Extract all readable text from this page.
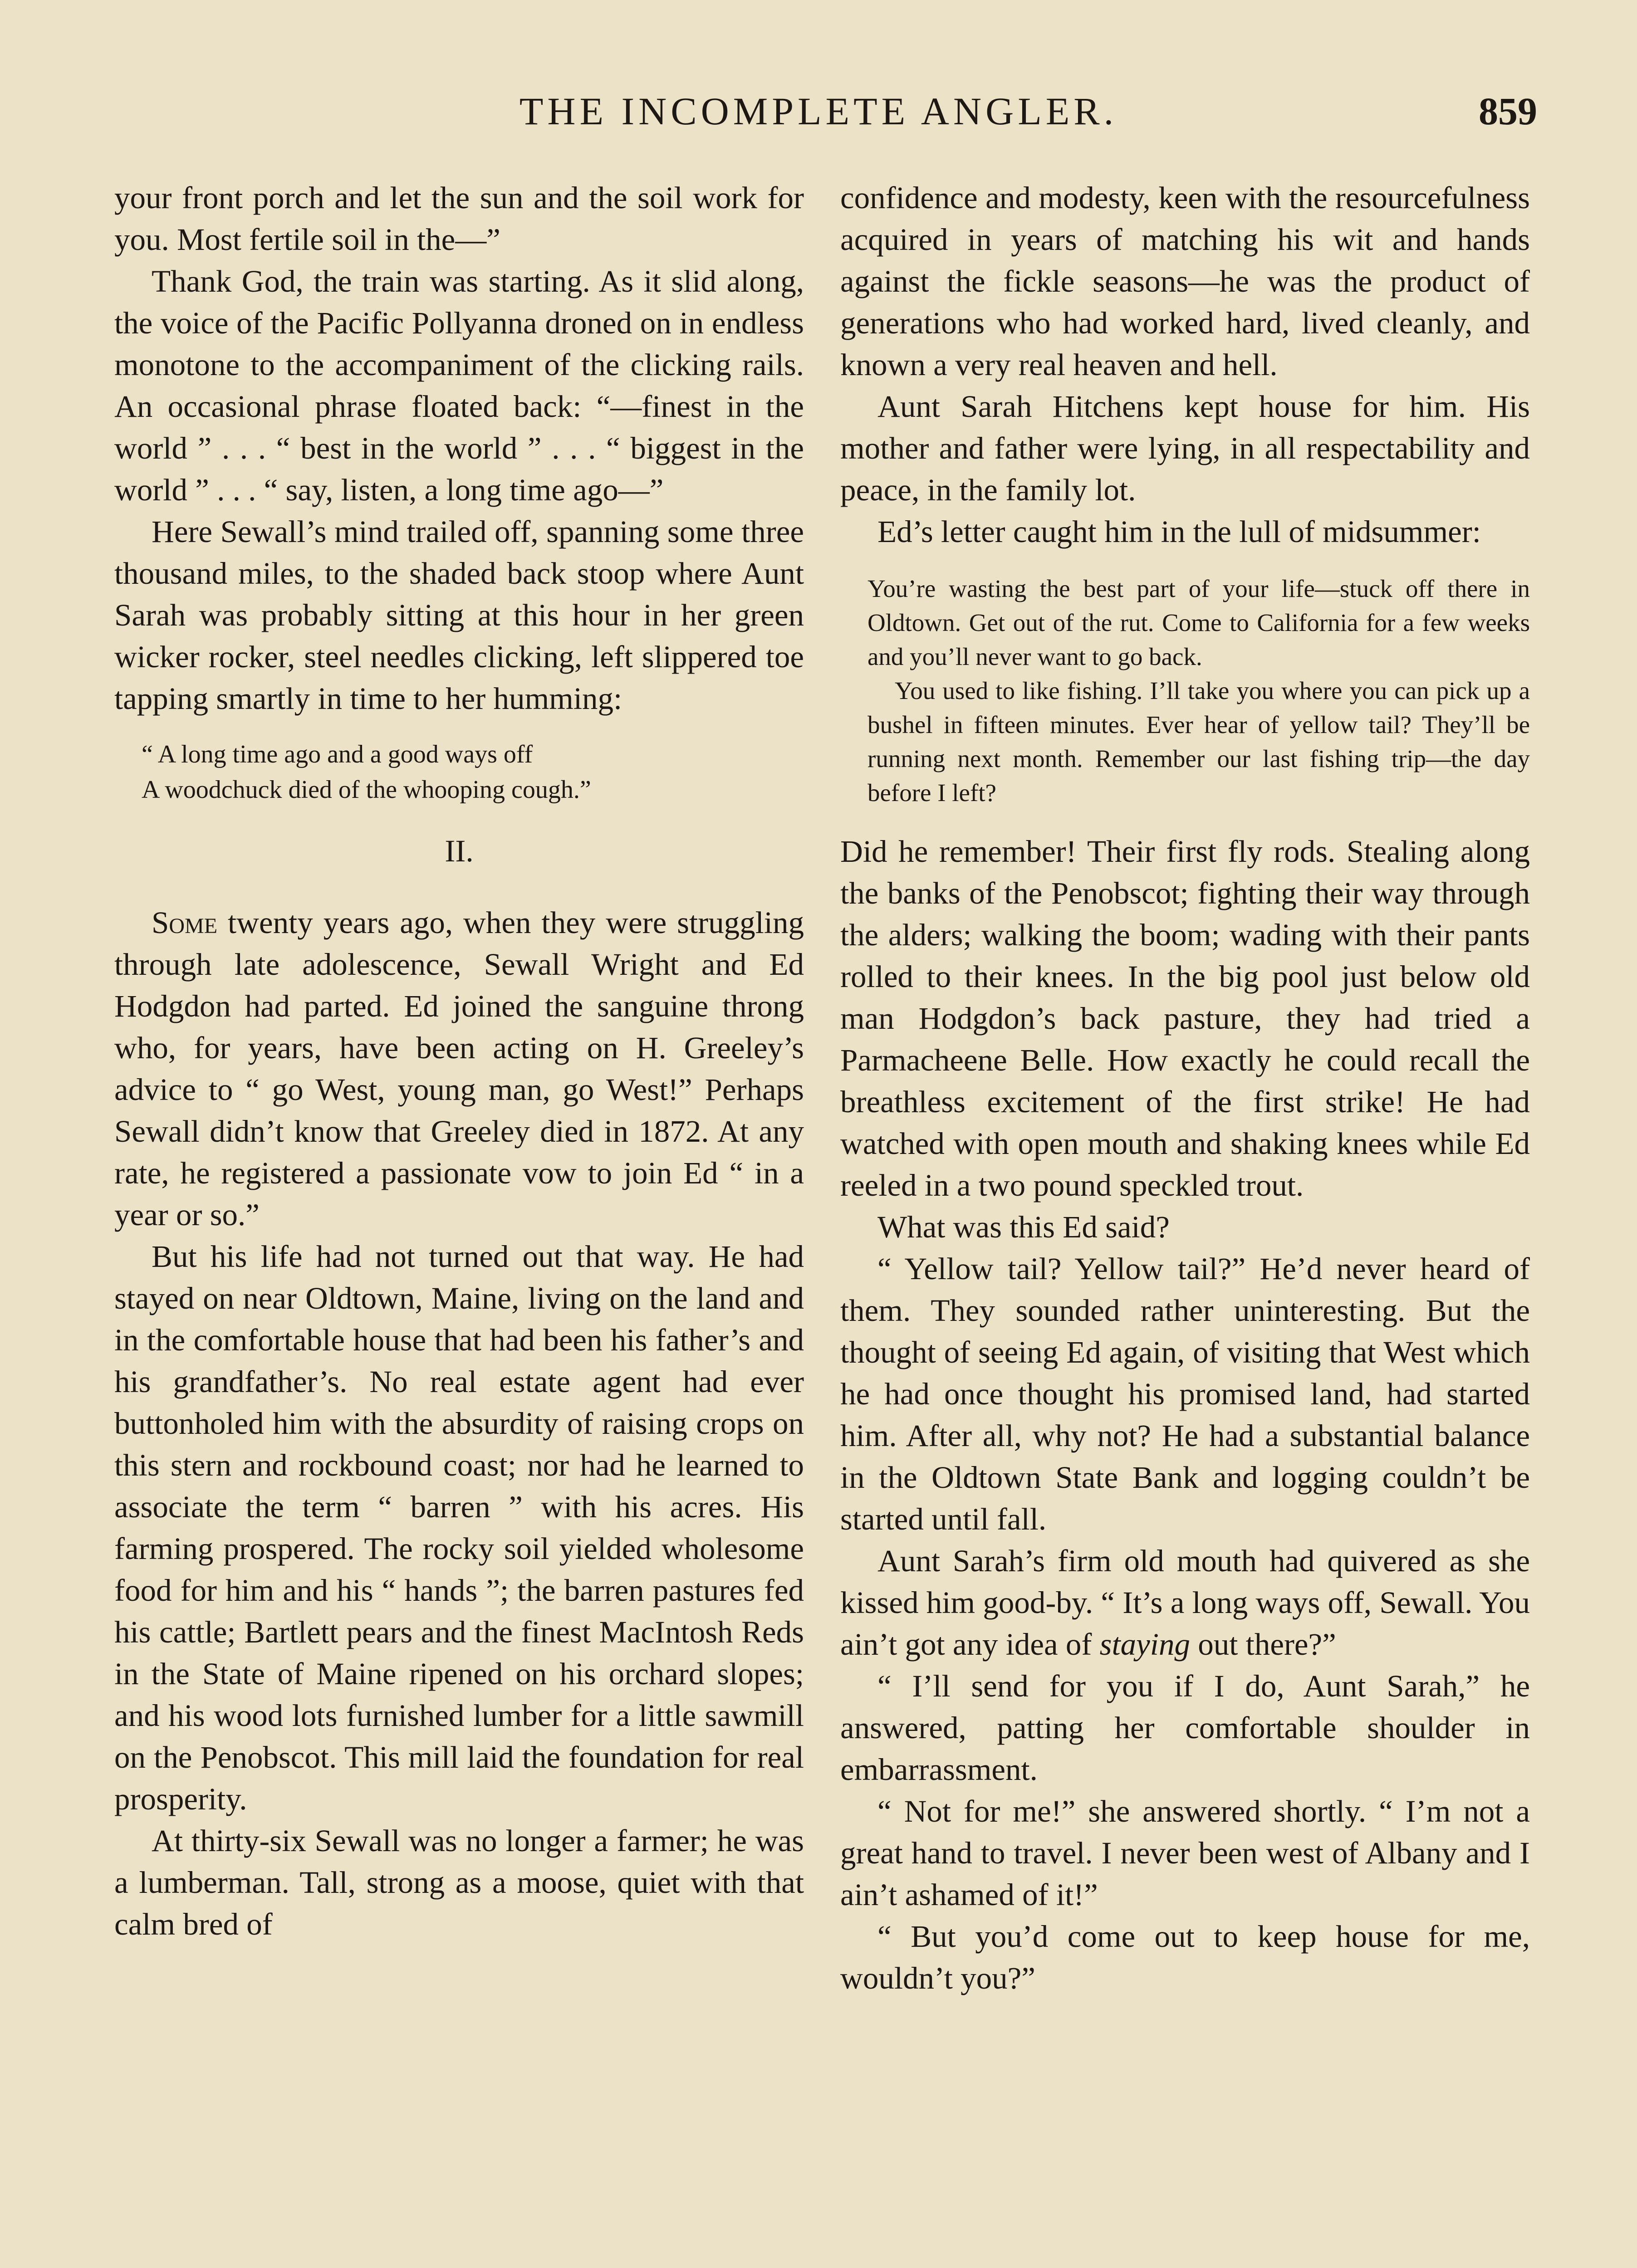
THE INCOMPLETE ANGLER.	859

your front porch and let the sun and the soil work for you. Most fertile soil in the—”

Thank God, the train was starting. As it slid along, the voice of the Pacific Pollyanna droned on in endless monotone to the accompaniment of the clicking rails. An occasional phrase floated back: “—finest in the world ” . . . “ best in the world ” . . . “ biggest in the world ” . . . “ say, listen, a long time ago—”

Here Sewall’s mind trailed off, spanning some three thousand miles, to the shaded back stoop where Aunt Sarah was probably sitting at this hour in her green wicker rocker, steel needles clicking, left slippered toe tapping smartly in time to her humming:

“ A long time ago and a good ways off
A woodchuck died of the whooping cough.”
II.

Some twenty years ago, when they were struggling through late adolescence, Sewall Wright and Ed Hodgdon had parted. Ed joined the sanguine throng who, for years, have been acting on H. Greeley’s advice to “ go West, young man, go West!” Perhaps Sewall didn’t know that Greeley died in 1872. At any rate, he registered a passionate vow to join Ed “ in a year or so.”

But his life had not turned out that way. He had stayed on near Oldtown, Maine, living on the land and in the comfortable house that had been his father’s and his grandfather’s. No real estate agent had ever buttonholed him with the absurdity of raising crops on this stern and rockbound coast; nor had he learned to associate the term “ barren ” with his acres. His farming prospered. The rocky soil yielded wholesome food for him and his “ hands ”; the barren pastures fed his cattle; Bartlett pears and the finest MacIntosh Reds in the State of Maine ripened on his orchard slopes; and his wood lots furnished lumber for a little sawmill on the Penobscot. This mill laid the foundation for real prosperity.

At thirty-six Sewall was no longer a farmer; he was a lumberman. Tall, strong as a moose, quiet with that calm bred of

confidence and modesty, keen with the resourcefulness acquired in years of matching his wit and hands against the fickle seasons—he was the product of generations who had worked hard, lived cleanly, and known a very real heaven and hell.

Aunt Sarah Hitchens kept house for him. His mother and father were lying, in all respectability and peace, in the family lot.

Ed’s letter caught him in the lull of midsummer:

You’re wasting the best part of your life—stuck off there in Oldtown. Get out of the rut. Come to California for a few weeks and you’ll never want to go back.

You used to like fishing. I’ll take you where you can pick up a bushel in fifteen minutes. Ever hear of yellow tail? They’ll be running next month. Remember our last fishing trip—the day before I left?

Did he remember! Their first fly rods. Stealing along the banks of the Penobscot; fighting their way through the alders; walking the boom; wading with their pants rolled to their knees. In the big pool just below old man Hodgdon’s back pasture, they had tried a Parmacheene Belle. How exactly he could recall the breathless excitement of the first strike! He had watched with open mouth and shaking knees while Ed reeled in a two pound speckled trout.

What was this Ed said?

“ Yellow tail? Yellow tail?” He’d never heard of them. They sounded rather uninteresting. But the thought of seeing Ed again, of visiting that West which he had once thought his promised land, had started him. After all, why not? He had a substantial balance in the Oldtown State Bank and logging couldn’t be started until fall.

Aunt Sarah’s firm old mouth had quivered as she kissed him good-by. “ It’s a long ways off, Sewall. You ain’t got any idea of staying out there?”

“ I’ll send for you if I do, Aunt Sarah,” he answered, patting her comfortable shoulder in embarrassment.

“ Not for me!” she answered shortly. “ I’m not a great hand to travel. I never been west of Albany and I ain’t ashamed of it!”

“ But you’d come out to keep house for me, wouldn’t you?”
